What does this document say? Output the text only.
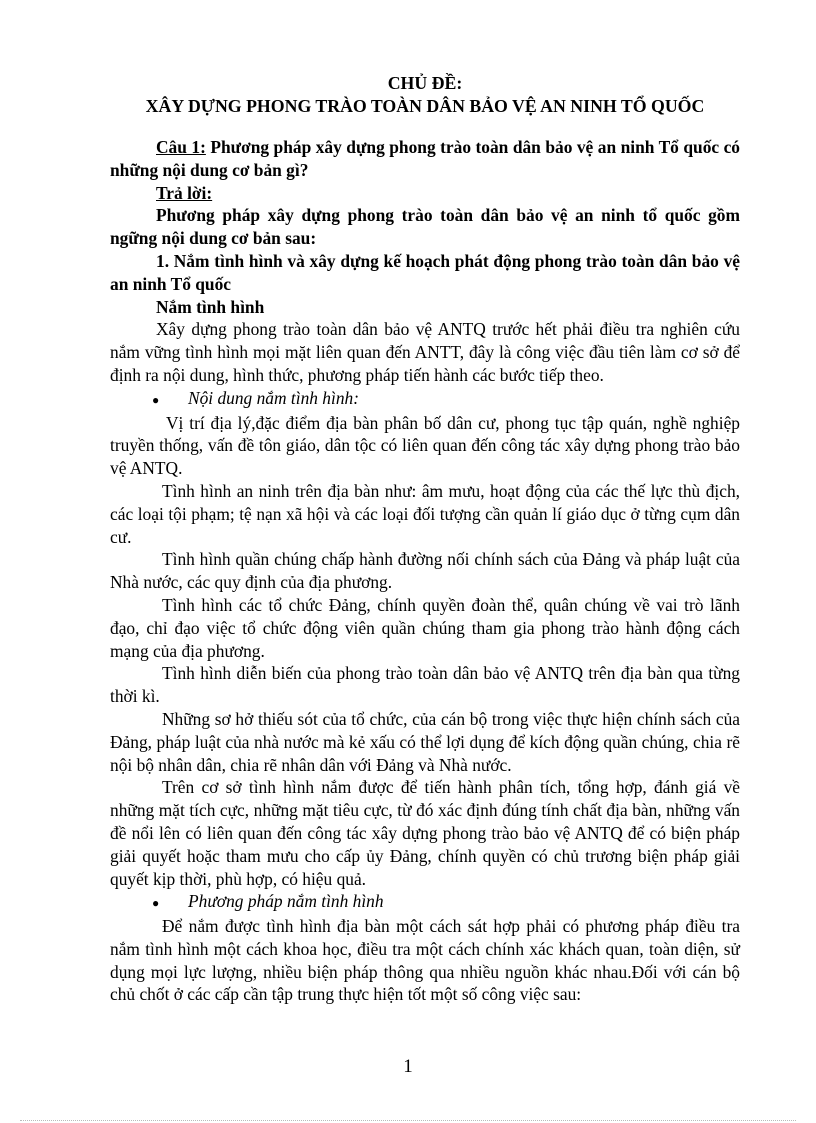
CHỦ ĐỀ:
XÂY DỰNG PHONG TRÀO TOÀN DÂN BẢO VỆ AN NINH TỔ QUỐC

Câu 1: Phương pháp xây dựng phong trào toàn dân bảo vệ an ninh Tổ quốc có những nội dung cơ bản gì?

Trả lời:

Phương pháp xây dựng phong trào toàn dân bảo vệ an ninh tổ quốc gồm ngững nội dung cơ bản sau:

1. Nắm tình hình và xây dựng kế hoạch phát động phong trào toàn dân bảo vệ an ninh Tổ quốc

Nắm tình hình

Xây dựng phong trào toàn dân bảo vệ ANTQ trước hết phải điều tra nghiên cứu nắm vững tình hình mọi mặt liên quan đến ANTT, đây là công việc đầu tiên làm cơ sở để định ra nội dung, hình thức, phương pháp tiến hành các bước tiếp theo.

●	Nội dung nắm tình hình:

Vị trí địa lý,đặc điểm địa bàn phân bố dân cư, phong tục tập quán, nghề nghiệp truyền thống, vấn đề tôn giáo, dân tộc có liên quan đến công tác xây dựng phong trào bảo vệ ANTQ.

Tình hình an ninh trên địa bàn như: âm mưu, hoạt động của các thế lực thù địch, các loại tội phạm; tệ nạn xã hội và các loại đối tượng cần quản lí giáo dục ở từng cụm dân cư.

Tình hình quần chúng chấp hành đường nối chính sách của Đảng và pháp luật của Nhà nước, các quy định của địa phương.

Tình hình các tổ chức Đảng, chính quyền đoàn thể, quân chúng về vai trò lãnh đạo, chỉ đạo việc tổ chức động viên quần chúng tham gia phong trào hành động cách mạng của địa phương.

Tình hình diễn biến của phong trào toàn dân bảo vệ ANTQ trên địa bàn qua từng thời kì.

Những sơ hở thiếu sót của tổ chức, của cán bộ trong việc thực hiện chính sách của Đảng, pháp luật của nhà nước mà kẻ xấu có thể lợi dụng để kích động quần chúng, chia rẽ nội bộ nhân dân, chia rẽ nhân dân với Đảng và Nhà nước.

Trên cơ sở tình hình nắm được để tiến hành phân tích, tổng hợp, đánh giá về những mặt tích cực, những mặt tiêu cực, từ đó xác định đúng tính chất địa bàn, những vấn đề nổi lên có liên quan đến công tác xây dựng phong trào bảo vệ ANTQ để có biện pháp giải quyết hoặc tham mưu cho cấp ủy Đảng, chính quyền có chủ trương biện pháp giải quyết kịp thời, phù hợp, có hiệu quả.

●	Phương pháp nắm tình hình

Để nắm được tình hình địa bàn một cách sát hợp phải có phương pháp điều tra nắm tình hình một cách khoa học, điều tra một cách chính xác khách quan, toàn diện, sử dụng mọi lực lượng, nhiều biện pháp thông qua nhiều nguồn khác nhau.Đối với cán bộ chủ chốt ở các cấp cần tập trung thực hiện tốt một số công việc sau:

1
